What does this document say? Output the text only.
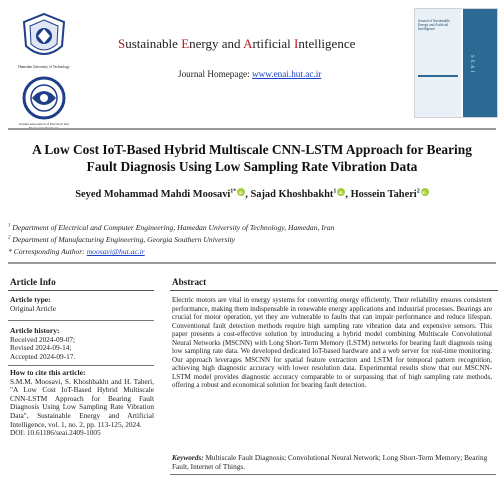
Hamedan University of Technology
Iranian Association of Electrical and
Sustainable Energy and Artificial Intelligence
Journal Homepage: www.enai.hut.ac.ir
Journal of Sustainable Energy and Artificial Intelligence
SEAI
A Low Cost IoT-Based Hybrid Multiscale CNN-LSTM Approach for Bearing
Fault Diagnosis Using Low Sampling Rate Vibration Data
Seyed Mohammad Mahdi Moosavi$^{1*}$ iD , Sajad Khoshbakht$^1$ iD , Hossein Taheri$^2$iD
$^1$ Department of Electrical and Computer Engineering, Hamedan University of Technology, Hamedan, Iran
$^2$ Department of Manufacturing Engineering, Georgia Southern University
* Corresponding Author: moosavi@hut.ac.ir
Article Info
Article type:
Original Article
Article history:
Received 2024-09-07;
Revised 2024-09-14;
Accepted 2024-09-17.
How to cite this article:
S.M.M. Moosavi, S. Khoshbakht and H. Taheri, "A Low Cost IoT-Based Hybrid Multiscale CNN-LSTM Approach for Bearing Fault Diagnosis Using Low Sampling Rate Vibration Data", Sustainable Energy and Artificial Intelligence, vol. 1, no. 2, pp. 113-125, 2024.
DOI: 10.61186/seai.2409-1005
Abstract
Electric motors are vital in energy systems for converting energy efficiently. Their reliability ensures consistent performance, making them indispensable in renewable energy applications and industrial processes. Bearings are crucial for motor operation, yet they are vulnerable to faults that can impair performance and reduce lifespan. Conventional fault detection methods require high sampling rate vibration data and expensive sensors. This paper presents a cost-effective solution by introducing a hybrid model combining Multiscale Convolutional Neural Networks (MSCNN) with Long Short-Term Memory (LSTM) networks for bearing fault diagnosis using low sampling rate data. We developed dedicated IoT-based hardware and a web server for real-time monitoring. Our approach leverages MSCNN for spatial feature extraction and LSTM for temporal pattern recognition, achieving high diagnostic accuracy with lower resolution data. Experimental results show that our MSCNN-LSTM model provides diagnostic accuracy comparable to or surpassing that of high sampling rate methods, offering a robust and economical solution for bearing fault detection.
Keywords: Multiscale Fault Diagnosis; Convolutional Neural Network; Long Short-Term Memory; Bearing Fault, Internet of Things.
